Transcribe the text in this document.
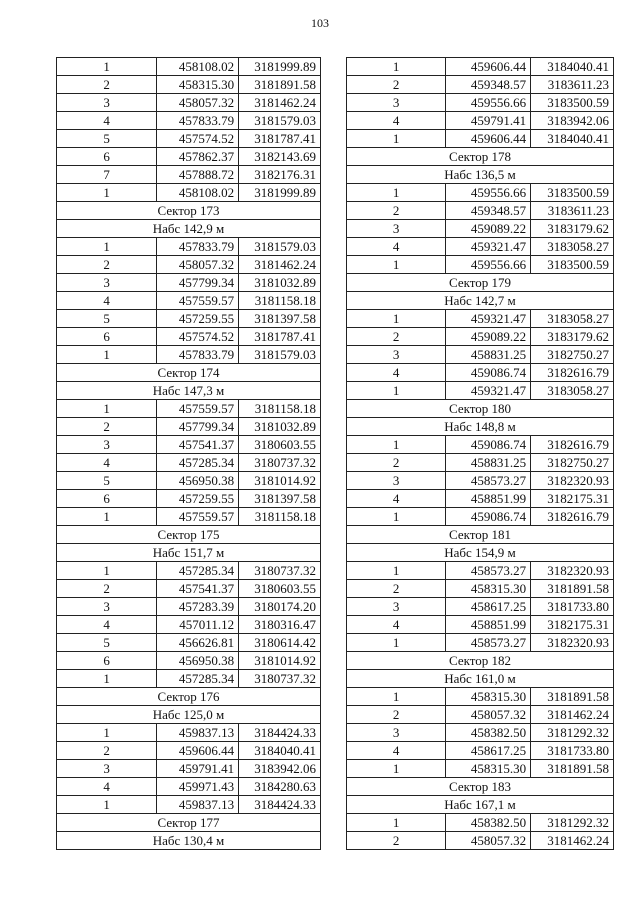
103
1	458108.02	3181999.89
2	458315.30	3181891.58
3	458057.32	3181462.24
4	457833.79	3181579.03
5	457574.52	3181787.41
6	457862.37	3182143.69
7	457888.72	3182176.31
1	458108.02	3181999.89
Сектор 173		
Набс 142,9 м		
1	457833.79	3181579.03
2	458057.32	3181462.24
3	457799.34	3181032.89
4	457559.57	3181158.18
5	457259.55	3181397.58
6	457574.52	3181787.41
1	457833.79	3181579.03
Сектор 174		
Набс 147,3 м		
1	457559.57	3181158.18
2	457799.34	3181032.89
3	457541.37	3180603.55
4	457285.34	3180737.32
5	456950.38	3181014.92
6	457259.55	3181397.58
1	457559.57	3181158.18
Сектор 175		
Набс 151,7 м		
1	457285.34	3180737.32
2	457541.37	3180603.55
3	457283.39	3180174.20
4	457011.12	3180316.47
5	456626.81	3180614.42
6	456950.38	3181014.92
1	457285.34	3180737.32
Сектор 176		
Набс 125,0 м		
1	459837.13	3184424.33
2	459606.44	3184040.41
3	459791.41	3183942.06
4	459971.43	3184280.63
1	459837.13	3184424.33
Сектор 177		
Набс 130,4 м		
1	459606.44	3184040.41
2	459348.57	3183611.23
3	459556.66	3183500.59
4	459791.41	3183942.06
1	459606.44	3184040.41
Сектор 178		
Набс 136,5 м		
1	459556.66	3183500.59
2	459348.57	3183611.23
3	459089.22	3183179.62
4	459321.47	3183058.27
1	459556.66	3183500.59
Сектор 179		
Набс 142,7 м		
1	459321.47	3183058.27
2	459089.22	3183179.62
3	458831.25	3182750.27
4	459086.74	3182616.79
1	459321.47	3183058.27
Сектор 180		
Набс 148,8 м		
1	459086.74	3182616.79
2	458831.25	3182750.27
3	458573.27	3182320.93
4	458851.99	3182175.31
1	459086.74	3182616.79
Сектор 181		
Набс 154,9 м		
1	458573.27	3182320.93
2	458315.30	3181891.58
3	458617.25	3181733.80
4	458851.99	3182175.31
1	458573.27	3182320.93
Сектор 182		
Набс 161,0 м		
1	458315.30	3181891.58
2	458057.32	3181462.24
3	458382.50	3181292.32
4	458617.25	3181733.80
1	458315.30	3181891.58
Сектор 183		
Набс 167,1 м		
1	458382.50	3181292.32
2	458057.32	3181462.24
